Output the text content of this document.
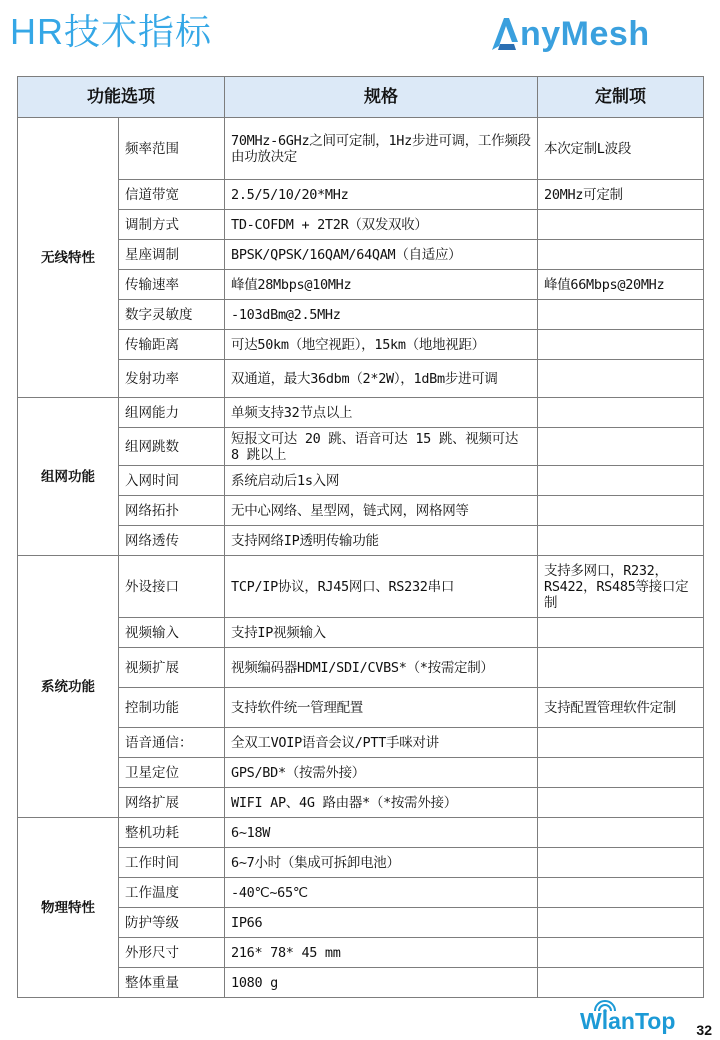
HR技术指标	nyMesh
功能选项		规格	定制项
无线特性	频率范围	70MHz-6GHz之间可定制，1Hz步进可调，工作频段由功放决定	本次定制L波段
	信道带宽	2.5/5/10/20*MHz	20MHz可定制
	调制方式	TD-COFDM + 2T2R（双发双收）	
	星座调制	BPSK/QPSK/16QAM/64QAM（自适应）	
	传输速率	峰值28Mbps@10MHz	峰值66Mbps@20MHz
	数字灵敏度	-103dBm@2.5MHz	
	传输距离	可达50km（地空视距），15km（地地视距）	
	发射功率	双通道，最大36dbm（2*2W），1dBm步进可调	
组网功能	组网能力	单频支持32节点以上	
	组网跳数	短报文可达 20 跳、语音可达 15 跳、视频可达 8 跳以上	
	入网时间	系统启动后1s入网	
	网络拓扑	无中心网络、星型网，链式网，网格网等	
	网络透传	支持网络IP透明传输功能	
系统功能	外设接口	TCP/IP协议，RJ45网口、RS232串口	支持多网口，R232，RS422，RS485等接口定制
	视频输入	支持IP视频输入	
	视频扩展	视频编码器HDMI/SDI/CVBS*（*按需定制）	
	控制功能	支持软件统一管理配置	支持配置管理软件定制
	语音通信：	全双工VOIP语音会议/PTT手咪对讲	
	卫星定位	GPS/BD*（按需外接）	
	网络扩展	WIFI AP、4G 路由器*（*按需外接）	
物理特性	整机功耗	6~18W	
	工作时间	6~7小时（集成可拆卸电池）	
	工作温度	-40℃~65℃	
	防护等级	IP66	
	外形尺寸	216* 78* 45 mm	
	整体重量	1080 g	
WlanTop 32
